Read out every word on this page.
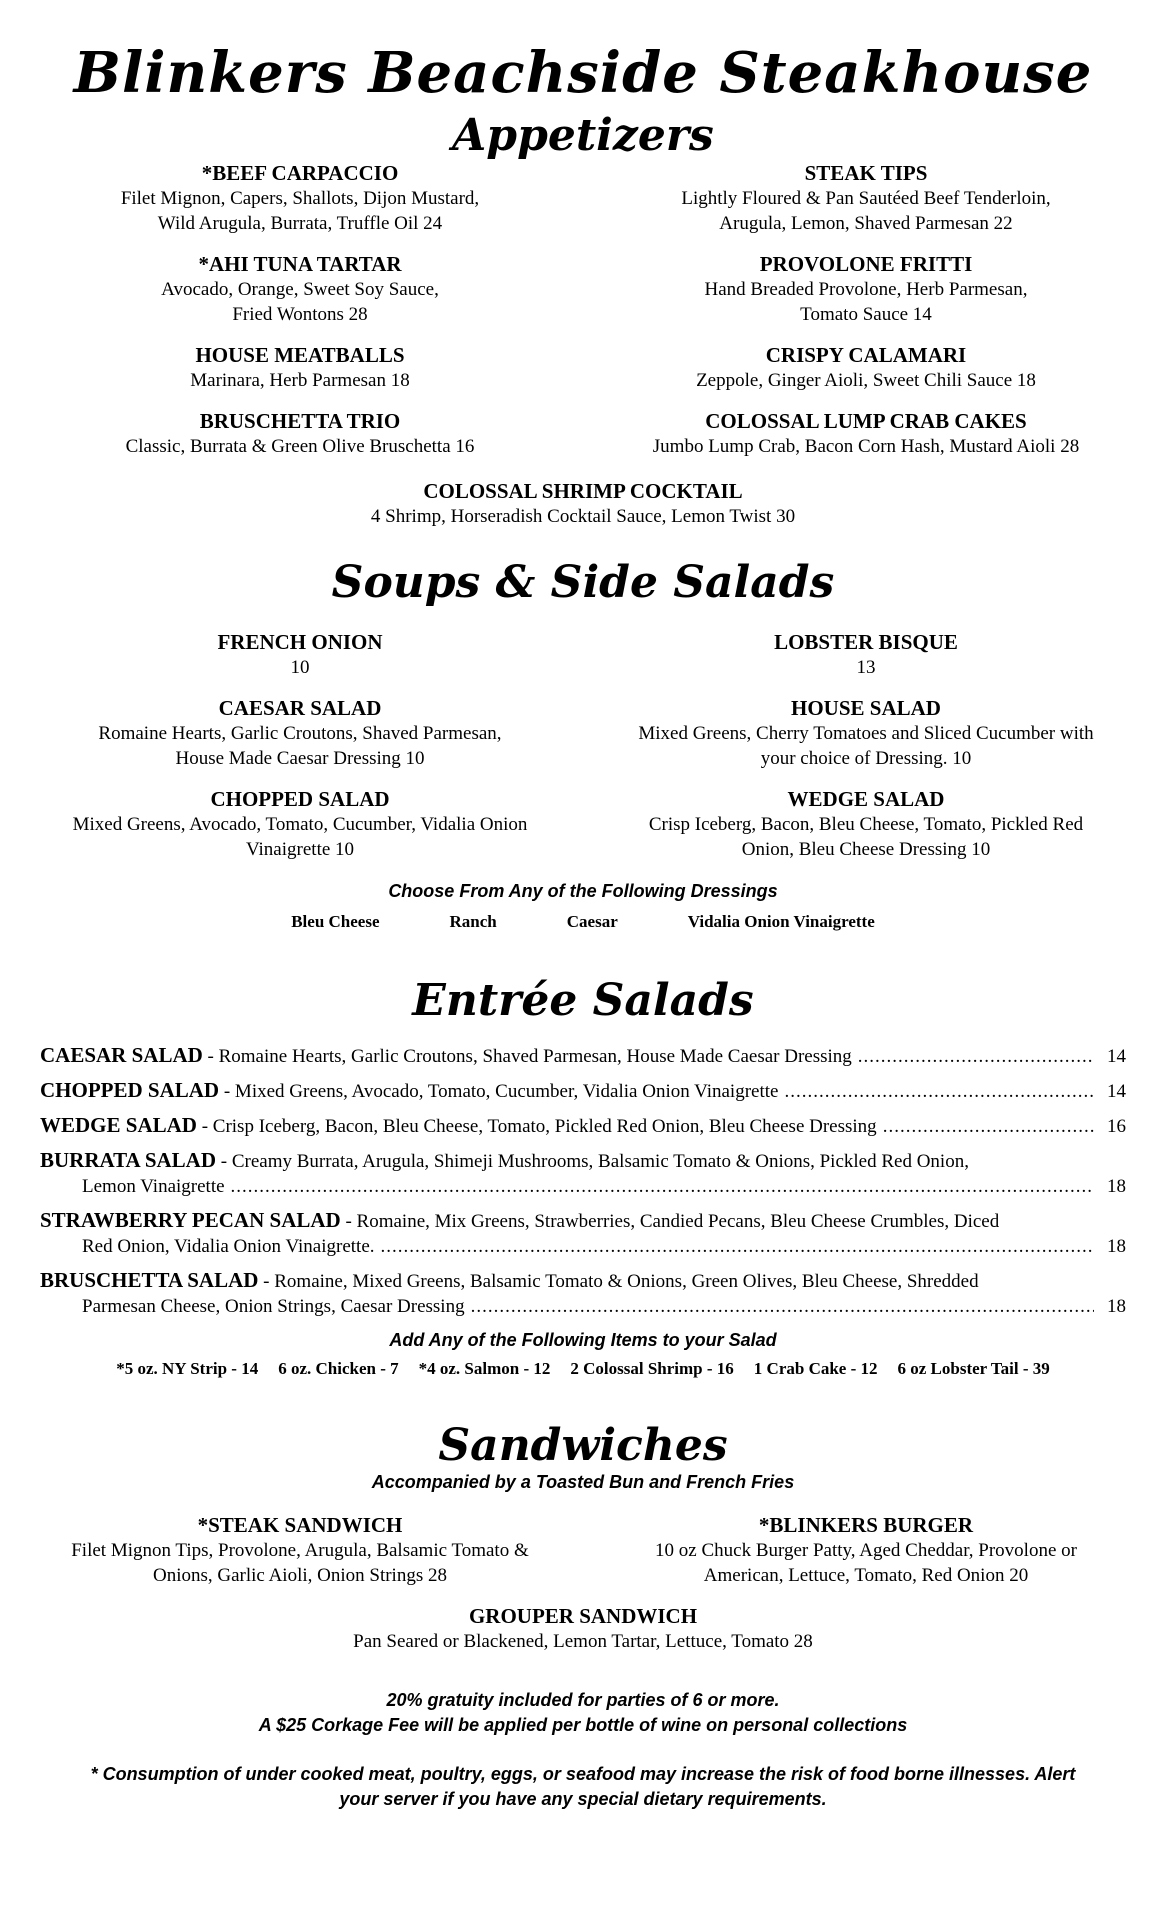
Blinkers Beachside Steakhouse
Appetizers
*BEEF CARPACCIO
Filet Mignon, Capers, Shallots, Dijon Mustard,
Wild Arugula, Burrata, Truffle Oil 24
*AHI TUNA TARTAR
Avocado, Orange, Sweet Soy Sauce,
Fried Wontons 28
HOUSE MEATBALLS
Marinara, Herb Parmesan 18
BRUSCHETTA TRIO
Classic, Burrata & Green Olive Bruschetta 16
STEAK TIPS
Lightly Floured & Pan Sautéed Beef Tenderloin,
Arugula, Lemon, Shaved Parmesan 22
PROVOLONE FRITTI
Hand Breaded Provolone, Herb Parmesan,
Tomato Sauce 14
CRISPY CALAMARI
Zeppole, Ginger Aioli, Sweet Chili Sauce 18
COLOSSAL LUMP CRAB CAKES
Jumbo Lump Crab, Bacon Corn Hash, Mustard Aioli 28
COLOSSAL SHRIMP COCKTAIL
4 Shrimp, Horseradish Cocktail Sauce, Lemon Twist 30
Soups & Side Salads
FRENCH ONION
10
CAESAR SALAD
Romaine Hearts, Garlic Croutons, Shaved Parmesan,
House Made Caesar Dressing 10
CHOPPED SALAD
Mixed Greens, Avocado, Tomato, Cucumber, Vidalia Onion
Vinaigrette 10
LOBSTER BISQUE
13
HOUSE SALAD
Mixed Greens, Cherry Tomatoes and Sliced Cucumber with
your choice of Dressing. 10
WEDGE SALAD
Crisp Iceberg, Bacon, Bleu Cheese, Tomato, Pickled Red
Onion, Bleu Cheese Dressing 10
Choose From Any of the Following Dressings
Bleu Cheese	Ranch	Caesar	Vidalia Onion Vinaigrette
Entrée Salads
CAESAR SALAD - Romaine Hearts, Garlic Croutons, Shaved Parmesan, House Made Caesar Dressing .....	14
CHOPPED SALAD - Mixed Greens, Avocado, Tomato, Cucumber, Vidalia Onion Vinaigrette .....	14
WEDGE SALAD - Crisp Iceberg, Bacon, Bleu Cheese, Tomato, Pickled Red Onion, Bleu Cheese Dressing .....	16
BURRATA SALAD - Creamy Burrata, Arugula, Shimeji Mushrooms, Balsamic Tomato & Onions, Pickled Red Onion,
Lemon Vinaigrette .....	18
STRAWBERRY PECAN SALAD - Romaine, Mix Greens, Strawberries, Candied Pecans, Bleu Cheese Crumbles, Diced
Red Onion, Vidalia Onion Vinaigrette. .....	18
BRUSCHETTA SALAD - Romaine, Mixed Greens, Balsamic Tomato & Onions, Green Olives, Bleu Cheese, Shredded
Parmesan Cheese, Onion Strings, Caesar Dressing .....	18
Add Any of the Following Items to your Salad
*5 oz. NY Strip - 14 6 oz. Chicken - 7 *4 oz. Salmon - 12 2 Colossal Shrimp - 16 1 Crab Cake - 12 6 oz Lobster Tail - 39
Sandwiches
Accompanied by a Toasted Bun and French Fries
*STEAK SANDWICH
Filet Mignon Tips, Provolone, Arugula, Balsamic Tomato &
Onions, Garlic Aioli, Onion Strings 28
*BLINKERS BURGER
10 oz Chuck Burger Patty, Aged Cheddar, Provolone or
American, Lettuce, Tomato, Red Onion 20
GROUPER SANDWICH
Pan Seared or Blackened, Lemon Tartar, Lettuce, Tomato 28
20% gratuity included for parties of 6 or more.
A $25 Corkage Fee will be applied per bottle of wine on personal collections
* Consumption of under cooked meat, poultry, eggs, or seafood may increase the risk of food borne illnesses. Alert
your server if you have any special dietary requirements.
